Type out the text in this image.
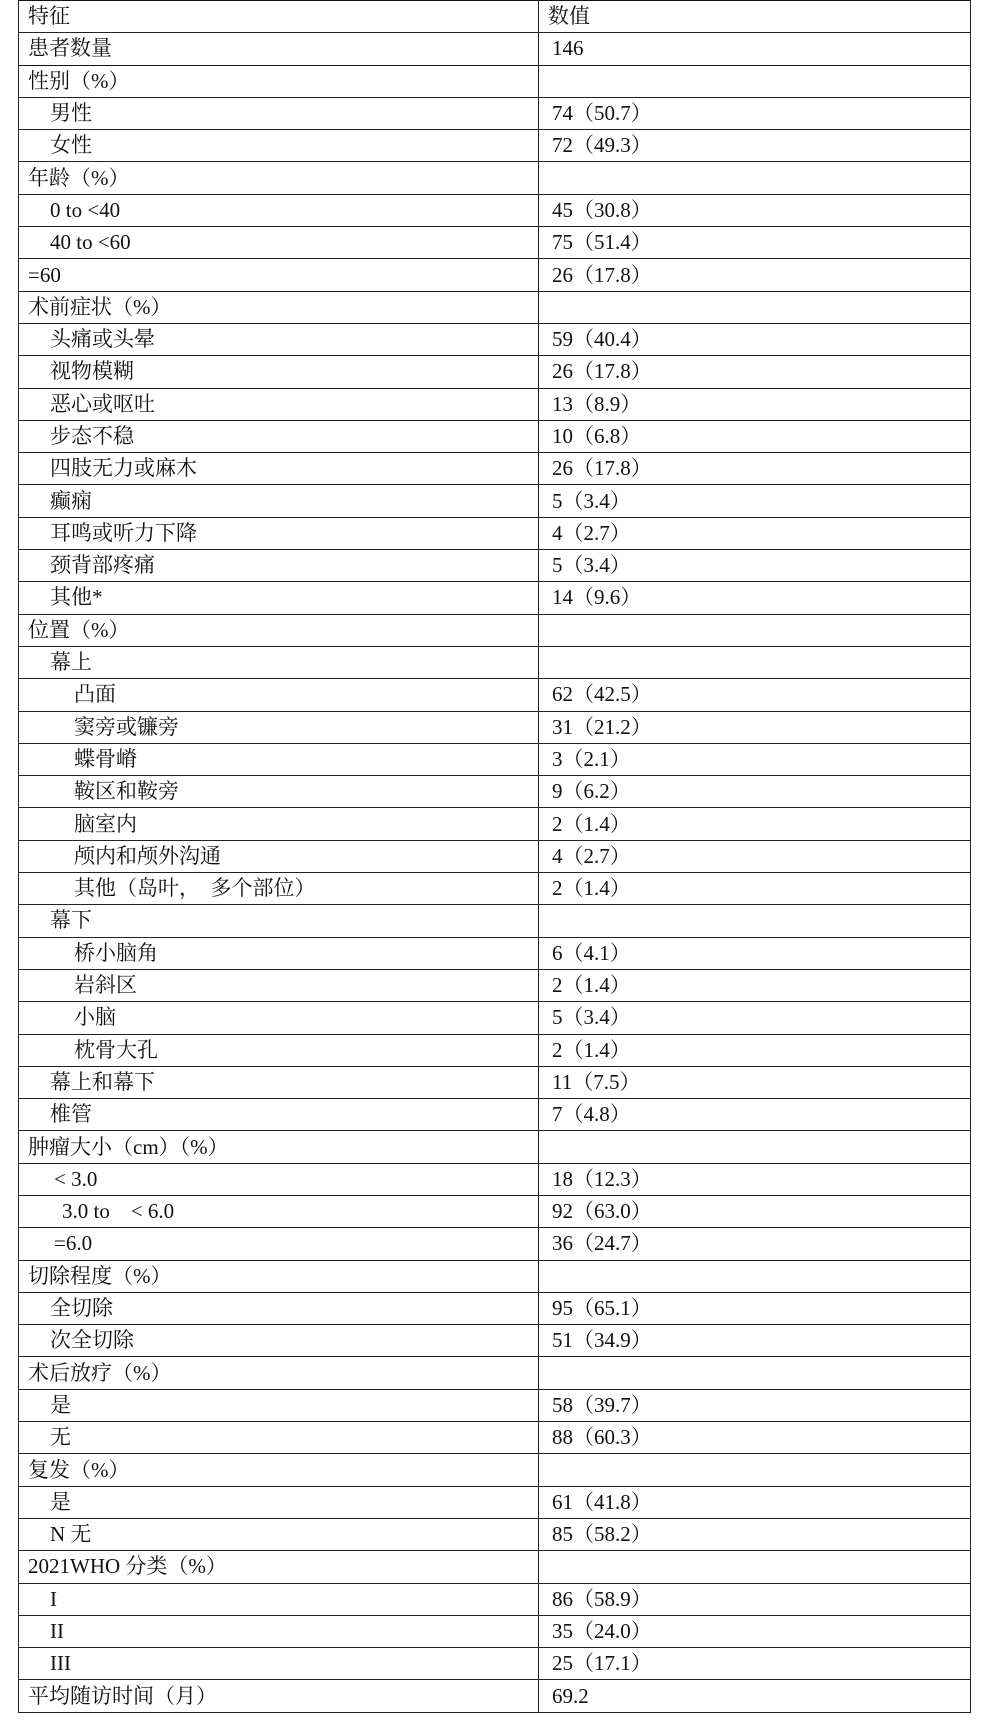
特征	数值
患者数量	146
性别（%）	
男性	74（50.7）
女性	72（49.3）
年龄（%）	
0 to <40	45（30.8）
40 to <60	75（51.4）
=60	26（17.8）
术前症状（%）	
头痛或头晕	59（40.4）
视物模糊	26（17.8）
恶心或呕吐	13（8.9）
步态不稳	10（6.8）
四肢无力或麻木	26（17.8）
癫痫	5（3.4）
耳鸣或听力下降	4（2.7）
颈背部疼痛	5（3.4）
其他*	14（9.6）
位置（%）	
幕上	
凸面	62（42.5）
窦旁或镰旁	31（21.2）
蝶骨嵴	3（2.1）
鞍区和鞍旁	9（6.2）
脑室内	2（1.4）
颅内和颅外沟通	4（2.7）
其他（岛叶，　多个部位）	2（1.4）
幕下	
桥小脑角	6（4.1）
岩斜区	2（1.4）
小脑	5（3.4）
枕骨大孔	2（1.4）
幕上和幕下	11（7.5）
椎管	7（4.8）
肿瘤大小（cm）（%）	
< 3.0	18（12.3）
3.0 to　< 6.0	92（63.0）
=6.0	36（24.7）
切除程度（%）	
全切除	95（65.1）
次全切除	51（34.9）
术后放疗（%）	
是	58（39.7）
无	88（60.3）
复发（%）	
是	61（41.8）
N 无	85（58.2）
2021WHO 分类（%）	
I	86（58.9）
II	35（24.0）
III	25（17.1）
平均随访时间（月）	69.2
